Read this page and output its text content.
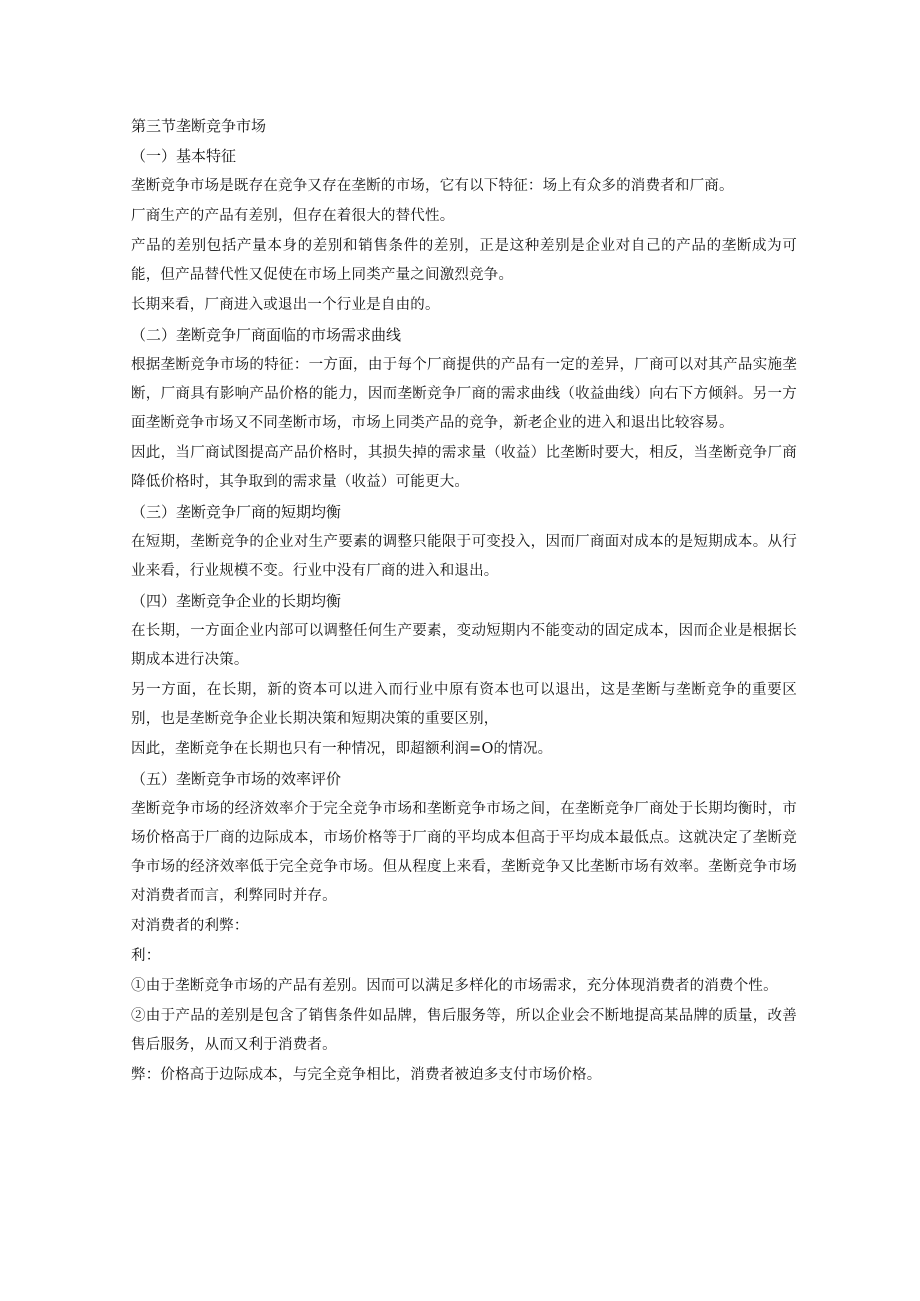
第三节垄断竞争市场
（一）基本特征
垄断竞争市场是既存在竞争又存在垄断的市场，它有以下特征：场上有众多的消费者和厂商。
厂商生产的产品有差别，但存在着很大的替代性。
产品的差别包括产量本身的差别和销售条件的差别，正是这种差别是企业对自己的产品的垄断成为可能，但产品替代性又促使在市场上同类产量之间激烈竞争。
长期来看，厂商进入或退出一个行业是自由的。
（二）垄断竞争厂商面临的市场需求曲线
根据垄断竞争市场的特征：一方面，由于每个厂商提供的产品有一定的差异，厂商可以对其产品实施垄断，厂商具有影响产品价格的能力，因而垄断竞争厂商的需求曲线（收益曲线）向右下方倾斜。另一方面垄断竞争市场又不同垄断市场，市场上同类产品的竞争，新老企业的进入和退出比较容易。
因此，当厂商试图提高产品价格时，其损失掉的需求量（收益）比垄断时要大，相反，当垄断竞争厂商降低价格时，其争取到的需求量（收益）可能更大。
（三）垄断竞争厂商的短期均衡
在短期，垄断竞争的企业对生产要素的调整只能限于可变投入，因而厂商面对成本的是短期成本。从行业来看，行业规模不变。行业中没有厂商的进入和退出。
（四）垄断竞争企业的长期均衡
在长期，一方面企业内部可以调整任何生产要素，变动短期内不能变动的固定成本，因而企业是根据长期成本进行决策。
另一方面，在长期，新的资本可以进入而行业中原有资本也可以退出，这是垄断与垄断竞争的重要区别，也是垄断竞争企业长期决策和短期决策的重要区别，
因此，垄断竞争在长期也只有一种情况，即超额利润=O的情况。
（五）垄断竞争市场的效率评价
垄断竞争市场的经济效率介于完全竞争市场和垄断竞争市场之间，在垄断竞争厂商处于长期均衡时，市场价格高于厂商的边际成本，市场价格等于厂商的平均成本但高于平均成本最低点。这就决定了垄断竞争市场的经济效率低于完全竞争市场。但从程度上来看，垄断竞争又比垄断市场有效率。垄断竞争市场对消费者而言，利弊同时并存。
对消费者的利弊：
利：
①由于垄断竞争市场的产品有差别。因而可以满足多样化的市场需求，充分体现消费者的消费个性。
②由于产品的差别是包含了销售条件如品牌，售后服务等，所以企业会不断地提高某品牌的质量，改善售后服务，从而又利于消费者。
弊：价格高于边际成本，与完全竞争相比，消费者被迫多支付市场价格。
